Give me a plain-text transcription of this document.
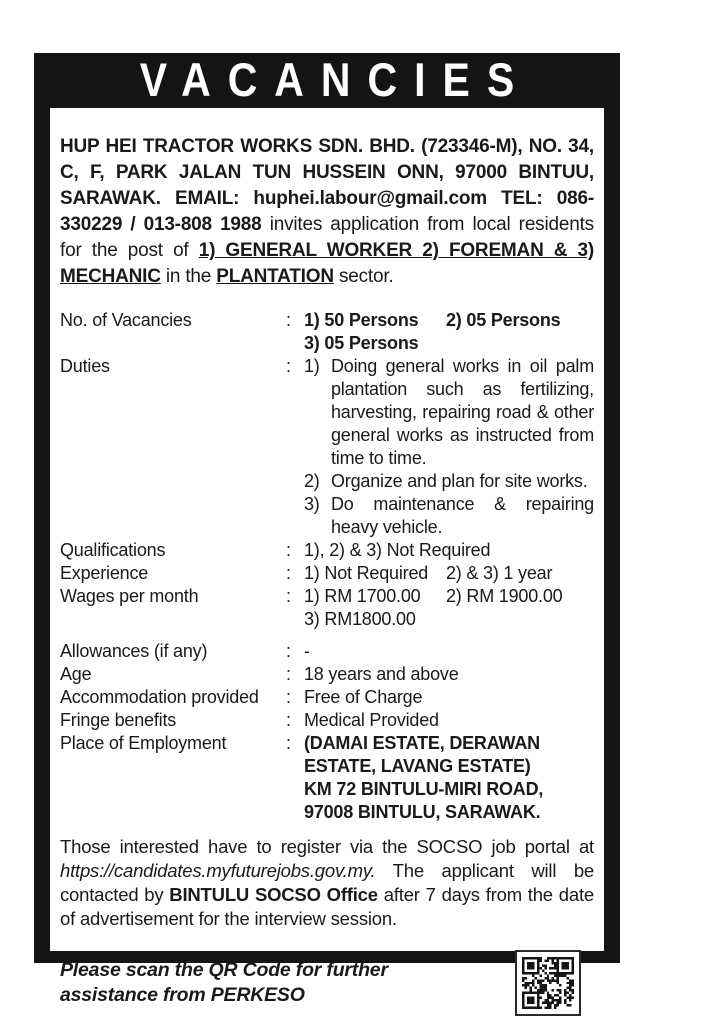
VACANCIES

HUP HEI TRACTOR WORKS SDN. BHD. (723346-M), NO. 34, C, F, PARK JALAN TUN HUSSEIN ONN, 97000 BINTUU, SARAWAK. EMAIL: huphei.labour@gmail.com TEL: 086-330229 / 013-808 1988 invites application from local residents for the post of 1) GENERAL WORKER 2) FOREMAN & 3) MECHANIC in the PLANTATION sector.

No. of Vacancies	: 1) 50 Persons 2) 05 Persons
3) 05 Persons
Duties	: 1) Doing general works in oil palm plantation such as fertilizing, harvesting, repairing road & other general works as instructed from time to time.
2) Organize and plan for site works.
3) Do maintenance & repairing heavy vehicle.
Qualifications	: 1), 2) & 3) Not Required
Experience	: 1) Not Required 2) & 3) 1 year
Wages per month	: 1) RM 1700.00 2) RM 1900.00
3) RM1800.00
Allowances (if any)	: -
Age	: 18 years and above
Accommodation provided	: Free of Charge
Fringe benefits	: Medical Provided
Place of Employment	: (DAMAI ESTATE, DERAWAN ESTATE, LAVANG ESTATE)
KM 72 BINTULU-MIRI ROAD, 97008 BINTULU, SARAWAK.

Those interested have to register via the SOCSO job portal at https://candidates.myfuturejobs.gov.my. The applicant will be contacted by BINTULU SOCSO Office after 7 days from the date of advertisement for the interview session.

Please scan the QR Code for further assistance from PERKESO
